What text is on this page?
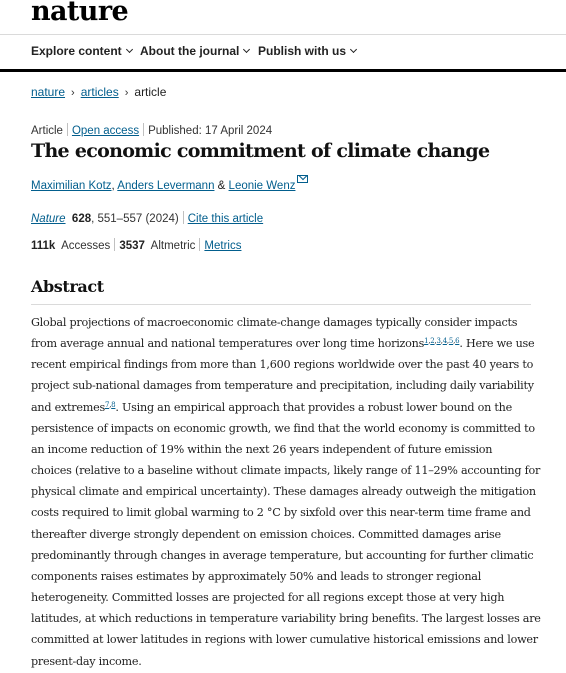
nature
Explore content	About the journal	Publish with us
nature › articles › article
Article Open access Published: 17 April 2024
The economic commitment of climate change
Maximilian Kotz, Anders Levermann & Leonie Wenz
Nature 628, 551–557 (2024) Cite this article
111k Accesses 3537 Altmetric Metrics
Abstract
Global projections of macroeconomic climate-change damages typically consider impacts
from average annual and national temperatures over long time horizons$^{1,2,3,4,5,6}$. Here we use
recent empirical findings from more than 1,600 regions worldwide over the past 40 years to
project sub-national damages from temperature and precipitation, including daily variability
and extremes$^{7,8}$. Using an empirical approach that provides a robust lower bound on the
persistence of impacts on economic growth, we find that the world economy is committed to
an income reduction of 19% within the next 26 years independent of future emission
choices (relative to a baseline without climate impacts, likely range of 11–29% accounting for
physical climate and empirical uncertainty). These damages already outweigh the mitigation
costs required to limit global warming to 2 °C by sixfold over this near-term time frame and
thereafter diverge strongly dependent on emission choices. Committed damages arise
predominantly through changes in average temperature, but accounting for further climatic
components raises estimates by approximately 50% and leads to stronger regional
heterogeneity. Committed losses are projected for all regions except those at very high
latitudes, at which reductions in temperature variability bring benefits. The largest losses are
committed at lower latitudes in regions with lower cumulative historical emissions and lower
present-day income.
